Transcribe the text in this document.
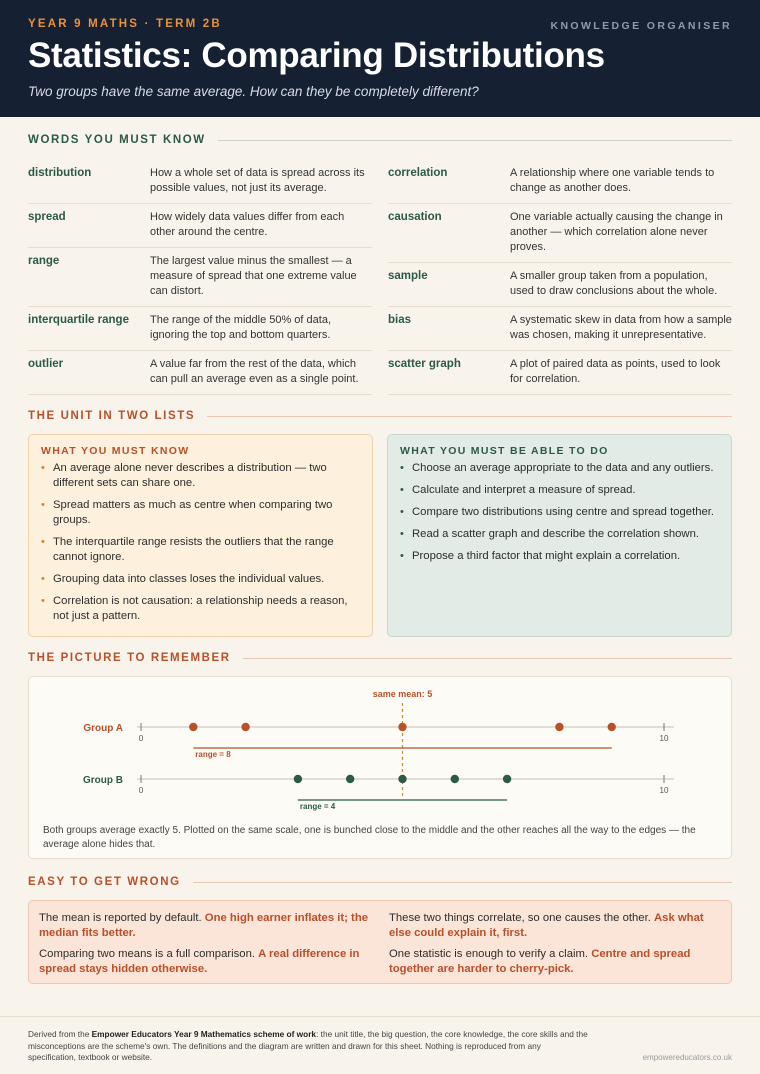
YEAR 9 MATHS · TERM 2B	KNOWLEDGE ORGANISER
Statistics: Comparing Distributions
Two groups have the same average. How can they be completely different?
WORDS YOU MUST KNOW
distribution	How a whole set of data is spread across its possible values, not just its average.
spread	How widely data values differ from each other around the centre.
range	The largest value minus the smallest — a measure of spread that one extreme value can distort.
interquartile range	The range of the middle 50% of data, ignoring the top and bottom quarters.
outlier	A value far from the rest of the data, which can pull an average even as a single point.
correlation	A relationship where one variable tends to change as another does.
causation	One variable actually causing the change in another — which correlation alone never proves.
sample	A smaller group taken from a population, used to draw conclusions about the whole.
bias	A systematic skew in data from how a sample was chosen, making it unrepresentative.
scatter graph	A plot of paired data as points, used to look for correlation.
THE UNIT IN TWO LISTS
WHAT YOU MUST KNOW
• An average alone never describes a distribution — two different sets can share one.
• Spread matters as much as centre when comparing two groups.
• The interquartile range resists the outliers that the range cannot ignore.
• Grouping data into classes loses the individual values.
• Correlation is not causation: a relationship needs a reason, not just a pattern.
WHAT YOU MUST BE ABLE TO DO
• Choose an average appropriate to the data and any outliers.
• Calculate and interpret a measure of spread.
• Compare two distributions using centre and spread together.
• Read a scatter graph and describe the correlation shown.
• Propose a third factor that might explain a correlation.
THE PICTURE TO REMEMBER
same mean: 5
Group A
0	10
range = 8
Group B
0	10
range = 4
Both groups average exactly 5. Plotted on the same scale, one is bunched close to the middle and the other reaches all the way to the edges — the average alone hides that.
EASY TO GET WRONG
The mean is reported by default. One high earner inflates it; the median fits better.
Comparing two means is a full comparison. A real difference in spread stays hidden otherwise.
These two things correlate, so one causes the other. Ask what else could explain it, first.
One statistic is enough to verify a claim. Centre and spread together are harder to cherry-pick.
Derived from the Empower Educators Year 9 Mathematics scheme of work: the unit title, the big question, the core knowledge, the core skills and the misconceptions are the scheme's own. The definitions and the diagram are written and drawn for this sheet. Nothing is reproduced from any specification, textbook or website.	empowereducators.co.uk
